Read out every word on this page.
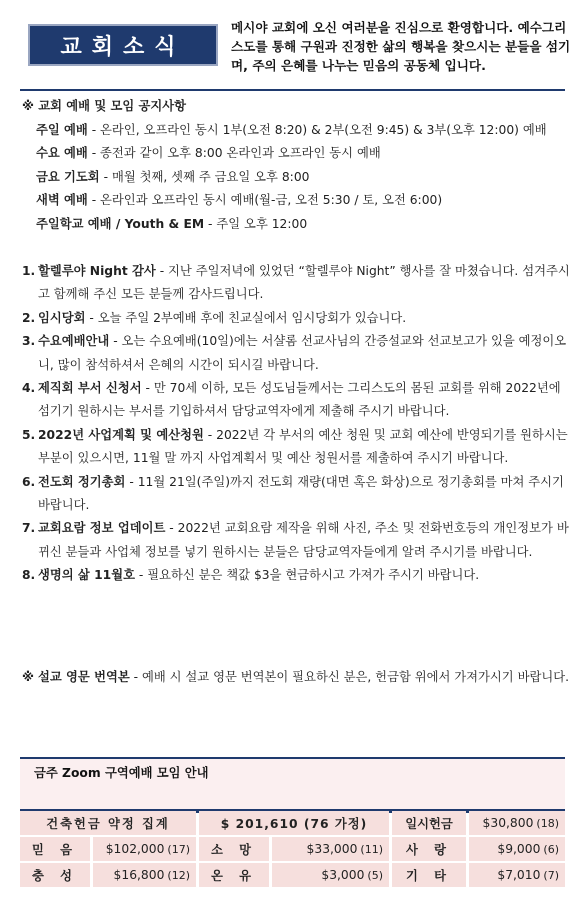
교회소식
메시야 교회에 오신 여러분을 진심으로 환영합니다. 예수그리스도를 통해 구원과 진정한 삶의 행복을 찾으시는 분들을 섬기며, 주의 은혜를 나누는 믿음의 공동체 입니다.
※ 교회 예배 및 모임 공지사항
주일 예배 - 온라인, 오프라인 동시 1부(오전 8:20) & 2부(오전 9:45) & 3부(오후 12:00) 예배
수요 예배 - 종전과 같이 오후 8:00 온라인과 오프라인 동시 예배
금요 기도회 - 매월 첫째, 셋째 주 금요일 오후 8:00
새벽 예배 - 온라인과 오프라인 동시 예배(월-금, 오전 5:30 / 토, 오전 6:00)
주일학교 예배 / Youth & EM - 주일 오후 12:00
1. 할렐루야 Night 감사 - 지난 주일저녁에 있었던 “할렐루야 Night” 행사를 잘 마쳤습니다. 섬겨주시고 함께해 주신 모든 분들께 감사드립니다.
2. 임시당회 - 오늘 주일 2부예배 후에 친교실에서 임시당회가 있습니다.
3. 수요예배안내 - 오는 수요예배(10일)에는 서샬롬 선교사님의 간증설교와 선교보고가 있을 예정이오니, 많이 참석하셔서 은혜의 시간이 되시길 바랍니다.
4. 제직회 부서 신청서 - 만 70세 이하, 모든 성도님들께서는 그리스도의 몸된 교회를 위해 2022년에 섬기기 원하시는 부서를 기입하셔서 담당교역자에게 제출해 주시기 바랍니다.
5. 2022년 사업계획 및 예산청원 - 2022년 각 부서의 예산 청원 및 교회 예산에 반영되기를 원하시는 부분이 있으시면, 11월 말 까지 사업계획서 및 예산 청원서를 제출하여 주시기 바랍니다.
6. 전도회 정기총회 - 11월 21일(주일)까지 전도회 재량(대면 혹은 화상)으로 정기총회를 마쳐 주시기 바랍니다.
7. 교회요람 정보 업데이트 - 2022년 교회요람 제작을 위해 사진, 주소 및 전화번호등의 개인정보가 바뀌신 분들과 사업체 정보를 넣기 원하시는 분들은 담당교역자들에게 알려 주시기를 바랍니다.
8. 생명의 삶 11월호 - 필요하신 분은 책값 $3을 현금하시고 가져가 주시기 바랍니다.
※ 설교 영문 번역본 - 예배 시 설교 영문 번역본이 필요하신 분은, 헌금함 위에서 가져가시기 바랍니다.
금주 Zoom 구역예배 모임 안내
건축헌금 약정 집계	$ 201,610 (76 가정)	일시헌금	$30,800 (18)
믿 음	$102,000 (17)	소 망	$33,000 (11)	사 랑	$9,000 (6)
충 성	$16,800 (12)	온 유	$3,000 (5)	기 타	$7,010 (7)
